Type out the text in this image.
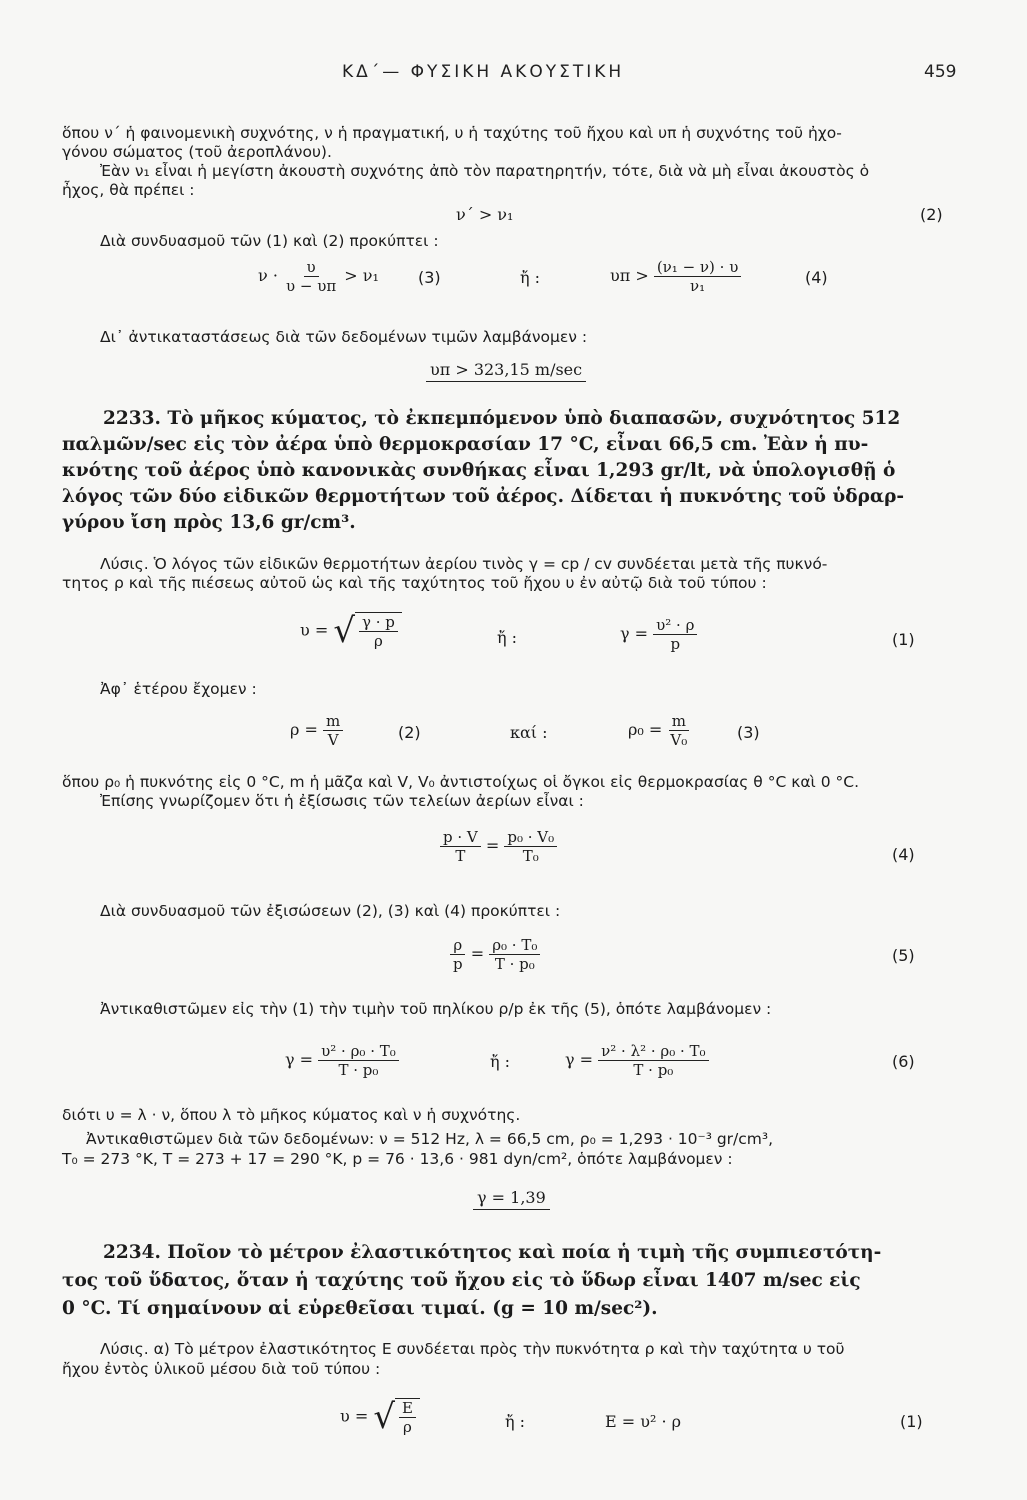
ΚΔ΄— ΦΥΣΙΚΗ ΑΚΟΥΣΤΙΚΗ	459
ὅπου ν΄ ἡ φαινομενικὴ συχνότης, ν ἡ πραγματική, υ ἡ ταχύτης τοῦ ἤχου καὶ υπ ἡ συχνότης τοῦ ἠχο-
γόνου σώματος (τοῦ ἀεροπλάνου).
Ἐὰν ν₁ εἶναι ἡ μεγίστη ἀκουστὴ συχνότης ἀπὸ τὸν παρατηρητήν, τότε, διὰ νὰ μὴ εἶναι ἀκουστὸς ὁ
ἦχος, θὰ πρέπει :
ν΄ > ν₁	(2)
Διὰ συνδυασμοῦ τῶν (1) καὶ (2) προκύπτει :
$\nu \cdot \frac{\upsilon}{\upsilon - \upsilon\pi} > \nu_1$ (3)	ἤ :	$\upsilon\pi > \frac{\text{(ν₁ − ν) · υ}}{\text{ν₁}}$	(4)
Δι᾿ ἀντικαταστάσεως διὰ τῶν δεδομένων τιμῶν λαμβάνομεν :
υπ > 323,15 m/sec
2233. Τὸ μῆκος κύματος, τὸ ἐκπεμπόμενον ὑπὸ διαπασῶν, συχνότητος 512
παλμῶν/sec εἰς τὸν ἀέρα ὑπὸ θερμοκρασίαν 17 °C, εἶναι 66,5 cm. Ἐὰν ἡ πυ-
κνότης τοῦ ἀέρος ὑπὸ κανονικὰς συνθήκας εἶναι 1,293 gr/lt, νὰ ὑπολογισθῇ ὁ
λόγος τῶν δύο εἰδικῶν θερμοτήτων τοῦ ἀέρος. Δίδεται ἡ πυκνότης τοῦ ὑδραρ-
γύρου ἴση πρὸς 13,6 gr/cm³.
Λύσις. Ὁ λόγος τῶν εἰδικῶν θερμοτήτων ἀερίου τινὸς γ = cp / cv συνδέεται μετὰ τῆς πυκνό-
τητος ρ καὶ τῆς πιέσεως αὐτοῦ ὡς καὶ τῆς ταχύτητος τοῦ ἤχου υ ἐν αὐτῷ διὰ τοῦ τύπου :
υ = √ $\frac{\gamma \cdot p}{\rho}$	ἤ :	$\gamma = \frac{\text{υ² · ρ}}{p}$	(1)
Ἀφ᾿ ἑτέρου ἔχομεν :
$\rho = \frac{m}{V}$	(2)	καί :	$\rho_0 = \frac{m}{\text{V₀}}$	(3)
ὅπου ρ₀ ἡ πυκνότης εἰς 0 °C, m ἡ μᾶζα καὶ V, V₀ ἀντιστοίχως οἱ ὄγκοι εἰς θερμοκρασίας θ °C καὶ 0 °C.
Ἐπίσης γνωρίζομεν ὅτι ἡ ἐξίσωσις τῶν τελείων ἀερίων εἶναι :
$\frac{p \cdot V}{T} = \frac{\text{p₀ · V₀}}{\text{T₀}}$	(4)
Διὰ συνδυασμοῦ τῶν ἐξισώσεων (2), (3) καὶ (4) προκύπτει :
$\frac{\rho}{p} = \frac{\text{ρ₀ · T₀}}{\text{T · p₀}}$	(5)
Ἀντικαθιστῶμεν εἰς τὴν (1) τὴν τιμὴν τοῦ πηλίκου ρ/p ἐκ τῆς (5), ὁπότε λαμβάνομεν :
$\gamma = \frac{\text{υ² · ρ₀ · T₀}}{\text{T · p₀}}$	ἤ :	$\gamma = \frac{\text{ν² · λ² · ρ₀ · T₀}}{\text{T · p₀}}$	(6)
διότι υ = λ · ν, ὅπου λ τὸ μῆκος κύματος καὶ ν ἡ συχνότης.
Ἀντικαθιστῶμεν διὰ τῶν δεδομένων: ν = 512 Hz, λ = 66,5 cm, ρ₀ = 1,293 · 10⁻³ gr/cm³,
T₀ = 273 °K, T = 273 + 17 = 290 °K, p = 76 · 13,6 · 981 dyn/cm², ὁπότε λαμβάνομεν :
γ = 1,39
2234. Ποῖον τὸ μέτρον ἐλαστικότητος καὶ ποία ἡ τιμὴ τῆς συμπιεστότη-
τος τοῦ ὕδατος, ὅταν ἡ ταχύτης τοῦ ἤχου εἰς τὸ ὕδωρ εἶναι 1407 m/sec εἰς
0 °C. Τί σημαίνουν αἱ εὑρεθεῖσαι τιμαί. (g = 10 m/sec²).
Λύσις. α) Τὸ μέτρον ἐλαστικότητος E συνδέεται πρὸς τὴν πυκνότητα ρ καὶ τὴν ταχύτητα υ τοῦ
ἤχου ἐντὸς ὑλικοῦ μέσου διὰ τοῦ τύπου :
υ = √ $\frac{E}{\rho}$	ἤ :	E = υ² · ρ	(1)
